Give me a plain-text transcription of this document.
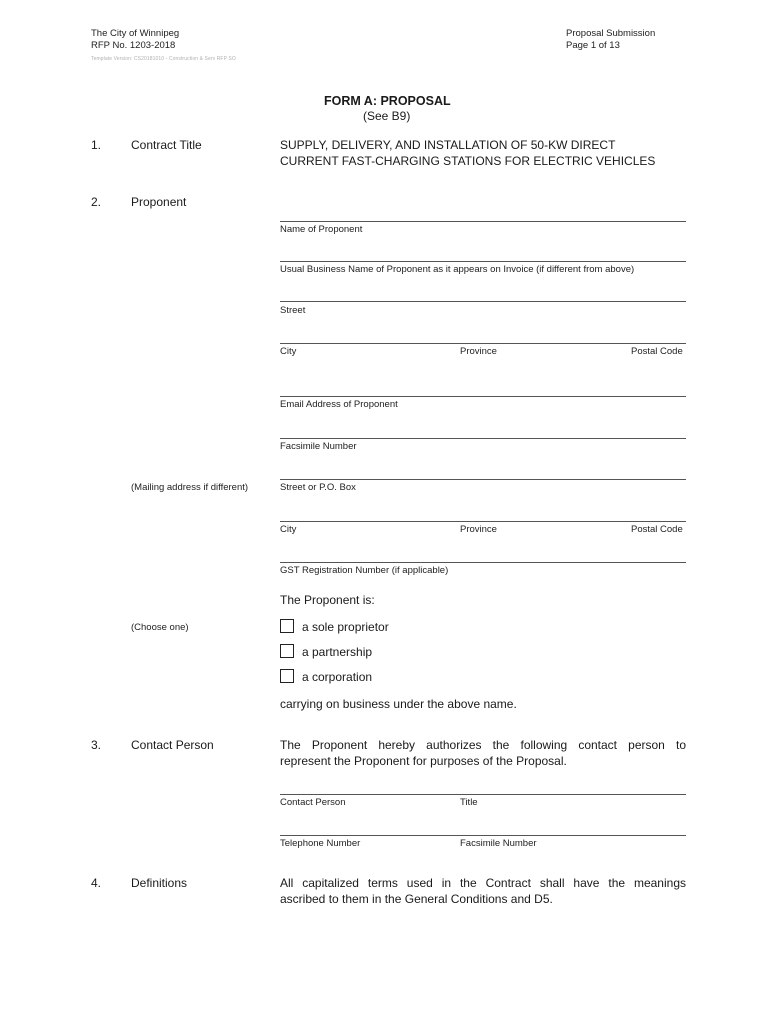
The City of Winnipeg
RFP No. 1203-2018
Template Version: CS20181010 - Construction & Serv RFP SO
Proposal Submission
Page 1 of 13
FORM A: PROPOSAL
(See B9)
1. Contract Title	SUPPLY, DELIVERY, AND INSTALLATION OF 50-KW DIRECT
CURRENT FAST-CHARGING STATIONS FOR ELECTRIC VEHICLES
2. Proponent
Name of Proponent
Usual Business Name of Proponent as it appears on Invoice (if different from above)
Street
City	Province	Postal Code
Email Address of Proponent
Facsimile Number
(Mailing address if different)	Street or P.O. Box
City	Province	Postal Code
GST Registration Number (if applicable)
The Proponent is:
(Choose one)	a sole proprietor
a partnership
a corporation
carrying on business under the above name.
3. Contact Person	The Proponent hereby authorizes the following contact person to
represent the Proponent for purposes of the Proposal.
Contact Person	Title
Telephone Number	Facsimile Number
4. Definitions	All capitalized terms used in the Contract shall have the meanings
ascribed to them in the General Conditions and D5.
